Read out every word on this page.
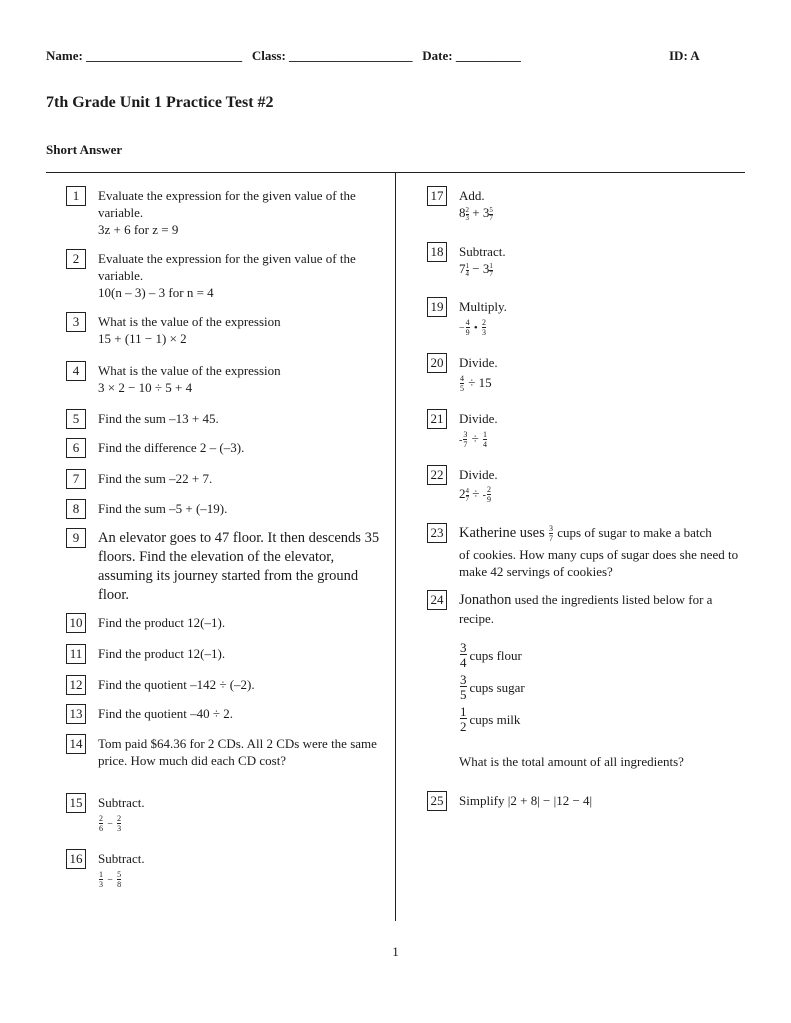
Name: ________________________ Class: ___________________ Date: __________	ID: A
7th Grade Unit 1 Practice Test #2
Short Answer
1	Evaluate the expression for the given value of the variable.
3z + 6 for z = 9
2	Evaluate the expression for the given value of the variable.
10(n – 3) – 3 for n = 4
3	What is the value of the expression
15 + (11 − 1) × 2
4	What is the value of the expression
3 × 2 − 10 ÷ 5 + 4
5	Find the sum –13 + 45.
6	Find the difference 2 – (–3).
7	Find the sum –22 + 7.
8	Find the sum –5 + (–19).
9	An elevator goes to 47 floor. It then descends 35 floors. Find the elevation of the elevator, assuming its journey started from the ground floor.
10 Find the product 12(–1).
11 Find the product 12(–1).
12 Find the quotient –142 ÷ (–2).
13 Find the quotient –40 ÷ 2.
14 Tom paid $64.36 for 2 CDs. All 2 CDs were the same price. How much did each CD cost?
15 Subtract.
$\frac{2}{6} - \frac{2}{3}$
16 Subtract.
$\frac{1}{3} - \frac{5}{8}$
17 Add.
$8 \frac{2}{3} + 3 \frac{5}{7}$
18 Subtract.
$7 \frac{1}{4} - 3 \frac{1}{7}$
19 Multiply.
− $\frac{4}{9}$ • $\frac{2}{3}$
20 Divide.
$\frac{4}{5} \div 15$
21 Divide.
- $\frac{3}{7} \div \frac{1}{4}$
22 Divide.
$2 \frac{4}{7}$ ÷ - $\frac{2}{9}$
23 Katherine uses $\frac{3}{7}$ cups of sugar to make a batch
of cookies. How many cups of sugar does she need to make 42 servings of cookies?
24 Jonathon used the ingredients listed below for a recipe.
$\frac{3}{4}$ cups flour
$\frac{3}{5}$ cups sugar
$\frac{1}{2}$ cups milk
What is the total amount of all ingredients?
25 Simplify |2 + 8| − |12 − 4|
1
